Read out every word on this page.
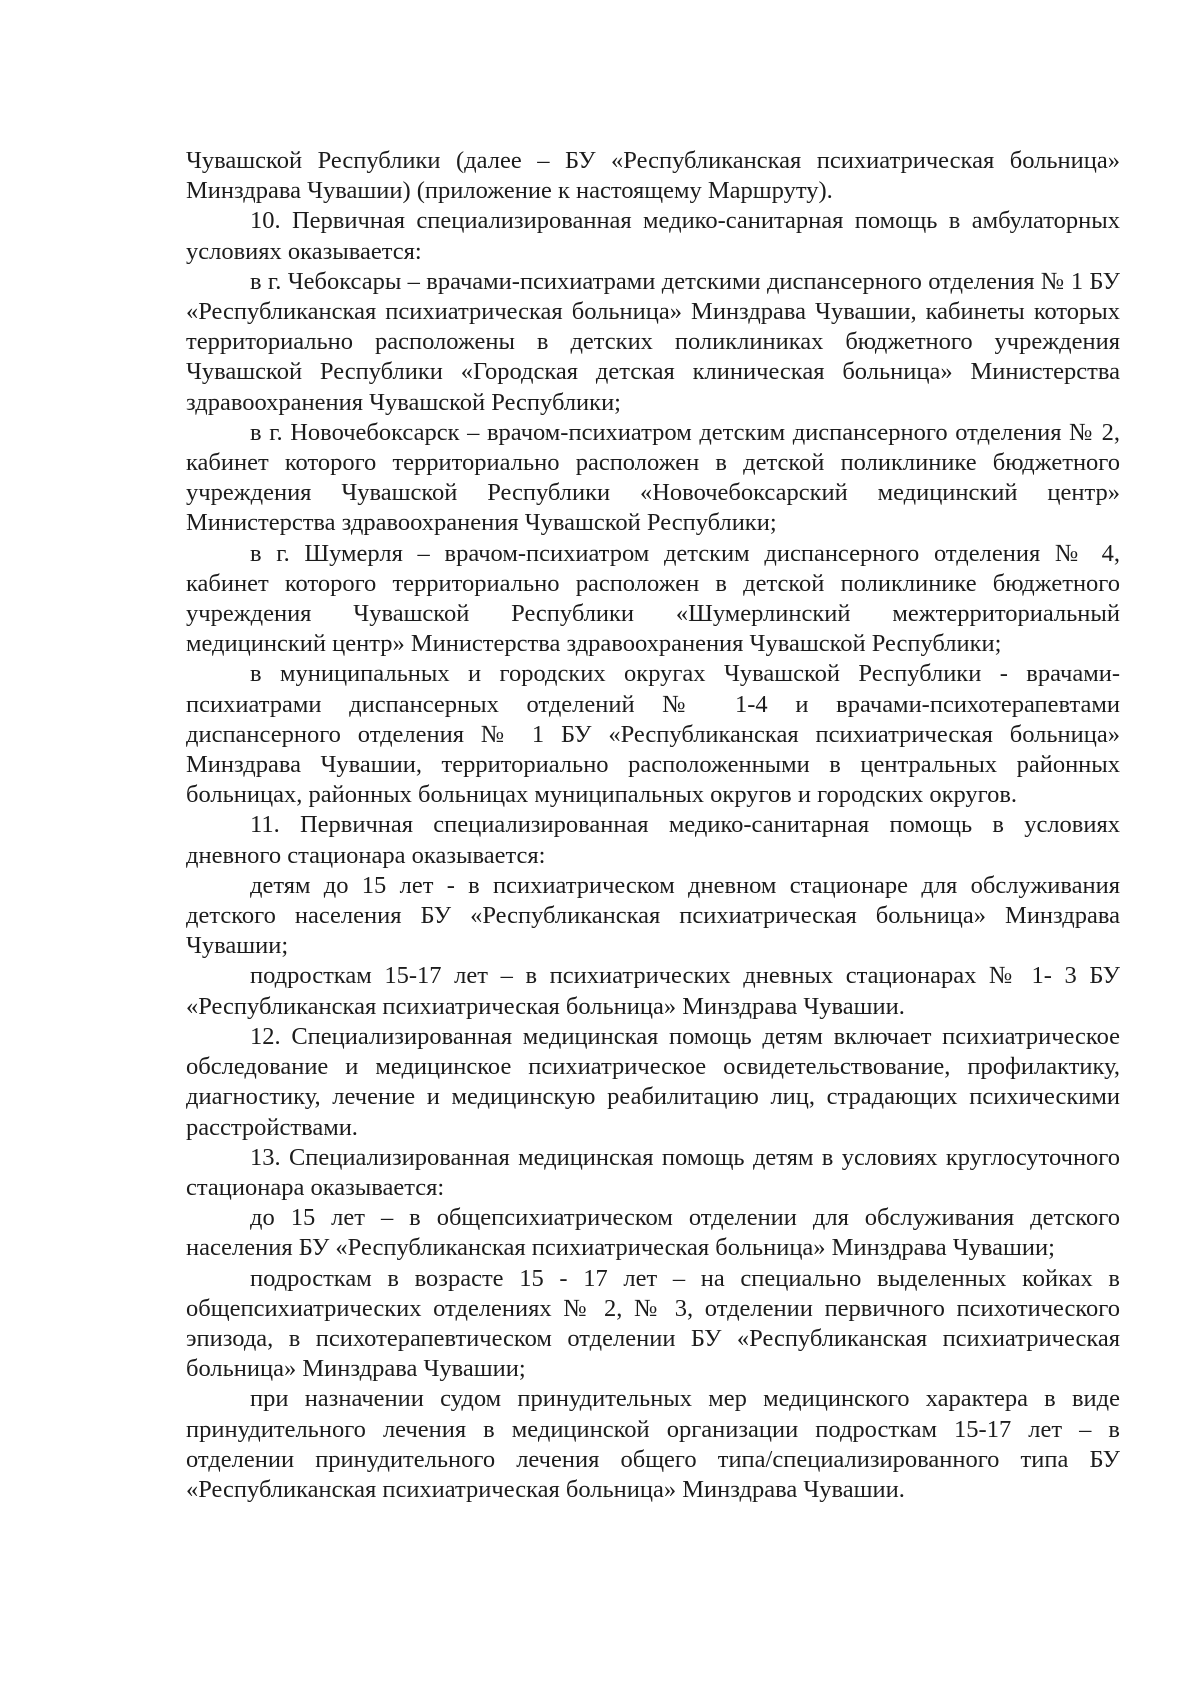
Чувашской Республики (далее – БУ «Республиканская психиатрическая больница» Минздрава Чувашии) (приложение к настоящему Маршруту).

10. Первичная специализированная медико-санитарная помощь в амбулаторных условиях оказывается:

в г. Чебоксары – врачами-психиатрами детскими диспансерного отделения № 1 БУ «Республиканская психиатрическая больница» Минздрава Чувашии, кабинеты которых территориально расположены в детских поликлиниках бюджетного учреждения Чувашской Республики «Городская детская клиническая больница» Министерства здравоохранения Чувашской Республики;

в г. Новочебоксарск – врачом-психиатром детским диспансерного отделения № 2, кабинет которого территориально расположен в детской поликлинике бюджетного учреждения Чувашской Республики «Новочебоксарский медицинский центр» Министерства здравоохранения Чувашской Республики;

в г. Шумерля – врачом-психиатром детским диспансерного отделения № 4, кабинет которого территориально расположен в детской поликлинике бюджетного учреждения Чувашской Республики «Шумерлинский межтерриториальный медицинский центр» Министерства здравоохранения Чувашской Республики;

в муниципальных и городских округах Чувашской Республики - врачами-психиатрами диспансерных отделений № 1-4 и врачами-психотерапевтами диспансерного отделения № 1 БУ «Республиканская психиатрическая больница» Минздрава Чувашии, территориально расположенными в центральных районных больницах, районных больницах муниципальных округов и городских округов.

11. Первичная специализированная медико-санитарная помощь в условиях дневного стационара оказывается:

детям до 15 лет - в психиатрическом дневном стационаре для обслуживания детского населения БУ «Республиканская психиатрическая больница» Минздрава Чувашии;

подросткам 15-17 лет – в психиатрических дневных стационарах № 1- 3 БУ «Республиканская психиатрическая больница» Минздрава Чувашии.

12. Специализированная медицинская помощь детям включает психиатрическое обследование и медицинское психиатрическое освидетельствование, профилактику, диагностику, лечение и медицинскую реабилитацию лиц, страдающих психическими расстройствами.

13. Специализированная медицинская помощь детям в условиях круглосуточного стационара оказывается:

до 15 лет – в общепсихиатрическом отделении для обслуживания детского населения БУ «Республиканская психиатрическая больница» Минздрава Чувашии;

подросткам в возрасте 15 - 17 лет – на специально выделенных койках в общепсихиатрических отделениях № 2, № 3, отделении первичного психотического эпизода, в психотерапевтическом отделении БУ «Республиканская психиатрическая больница» Минздрава Чувашии;

при назначении судом принудительных мер медицинского характера в виде принудительного лечения в медицинской организации подросткам 15-17 лет – в отделении принудительного лечения общего типа/специализированного типа БУ «Республиканская психиатрическая больница» Минздрава Чувашии.
